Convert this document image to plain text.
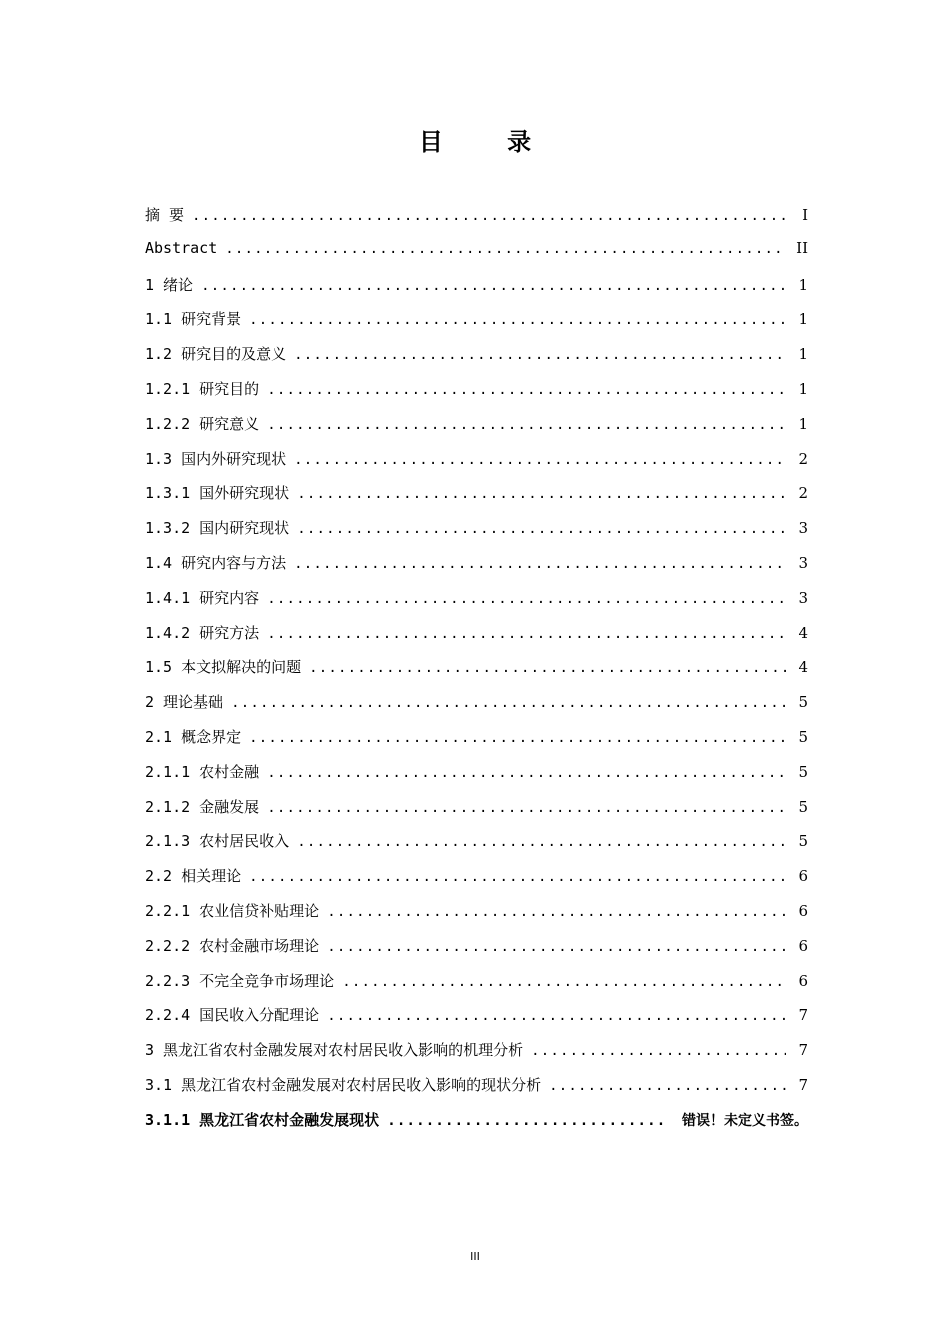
目 录
摘 要 .....	I
Abstract .....	II
1 绪论 .....	1
1.1 研究背景 .....	1
1.2 研究目的及意义 .....	1
1.2.1 研究目的 .....	1
1.2.2 研究意义 .....	1
1.3 国内外研究现状 .....	2
1.3.1 国外研究现状 .....	2
1.3.2 国内研究现状 .....	3
1.4 研究内容与方法 .....	3
1.4.1 研究内容 .....	3
1.4.2 研究方法 .....	4
1.5 本文拟解决的问题 .....	4
2 理论基础 .....	5
2.1 概念界定 .....	5
2.1.1 农村金融 .....	5
2.1.2 金融发展 .....	5
2.1.3 农村居民收入 .....	5
2.2 相关理论 .....	6
2.2.1 农业信贷补贴理论 .....	6
2.2.2 农村金融市场理论 .....	6
2.2.3 不完全竞争市场理论 .....	6
2.2.4 国民收入分配理论 .....	7
3 黑龙江省农村金融发展对农村居民收入影响的机理分析 .....	7
3.1 黑龙江省农村金融发展对农村居民收入影响的现状分析 .....	7
3.1.1 黑龙江省农村金融发展现状 .....	错误！未定义书签。
III
